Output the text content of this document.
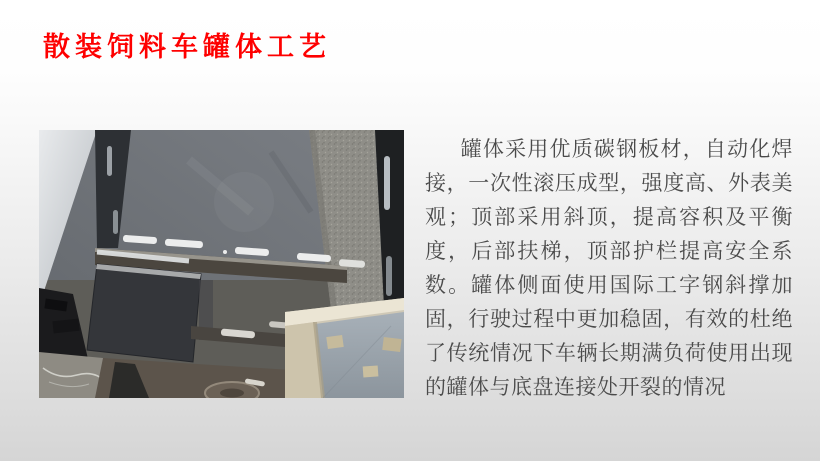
散装饲料车罐体工艺

罐体采用优质碳钢板材，自动化焊接，一次性滚压成型，强度高、外表美观；顶部采用斜顶，提高容积及平衡度，后部扶梯，顶部护栏提高安全系数。罐体侧面使用国际工字钢斜撑加固，行驶过程中更加稳固，有效的杜绝了传统情况下车辆长期满负荷使用出现的罐体与底盘连接处开裂的情况
